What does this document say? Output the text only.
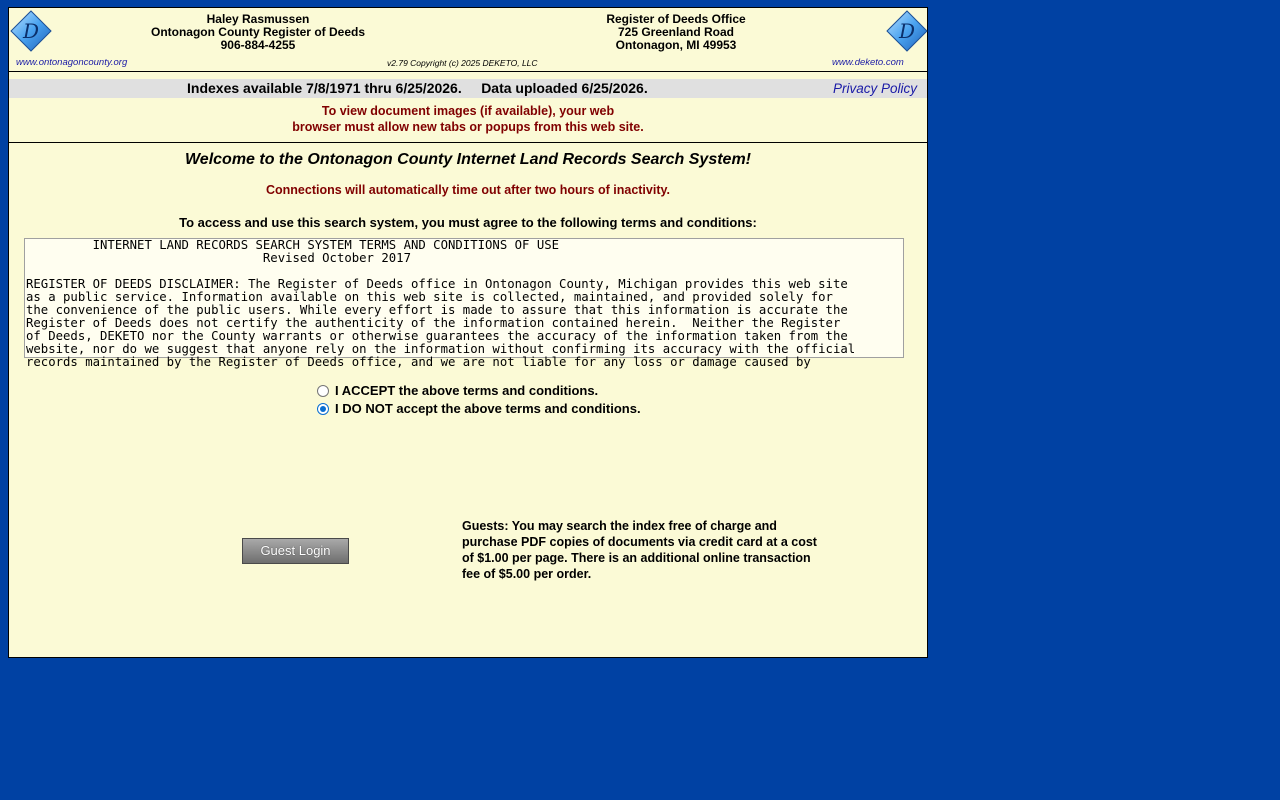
D	D
Haley Rasmussen
Ontonagon County Register of Deeds
906-884-4255
Register of Deeds Office
725 Greenland Road
Ontonagon, MI 49953
www.ontonagoncounty.org	v2.79 Copyright (c) 2025 DEKETO, LLC	www.deketo.com
Indexes available 7/8/1971 thru 6/25/2026. Data uploaded 6/25/2026.	Privacy Policy
To view document images (if available), your web
browser must allow new tabs or popups from this web site.
Welcome to the Ontonagon County Internet Land Records Search System!
Connections will automatically time out after two hours of inactivity.
To access and use this search system, you must agree to the following terms and conditions:
INTERNET LAND RECORDS SEARCH SYSTEM TERMS AND CONDITIONS OF USE
Revised October 2017

REGISTER OF DEEDS DISCLAIMER: The Register of Deeds office in Ontonagon County, Michigan provides this web site
as a public service. Information available on this web site is collected, maintained, and provided solely for
the convenience of the public users. While every effort is made to assure that this information is accurate the
Register of Deeds does not certify the authenticity of the information contained herein.  Neither the Register
of Deeds, DEKETO nor the County warrants or otherwise guarantees the accuracy of the information taken from the
website, nor do we suggest that anyone rely on the information without confirming its accuracy with the official
records maintained by the Register of Deeds office, and we are not liable for any loss or damage caused by
I ACCEPT the above terms and conditions.
I DO NOT accept the above terms and conditions.
Guest Login
Guests: You may search the index free of charge and purchase PDF copies of documents via credit card at a cost of $1.00 per page. There is an additional online transaction fee of $5.00 per order.
